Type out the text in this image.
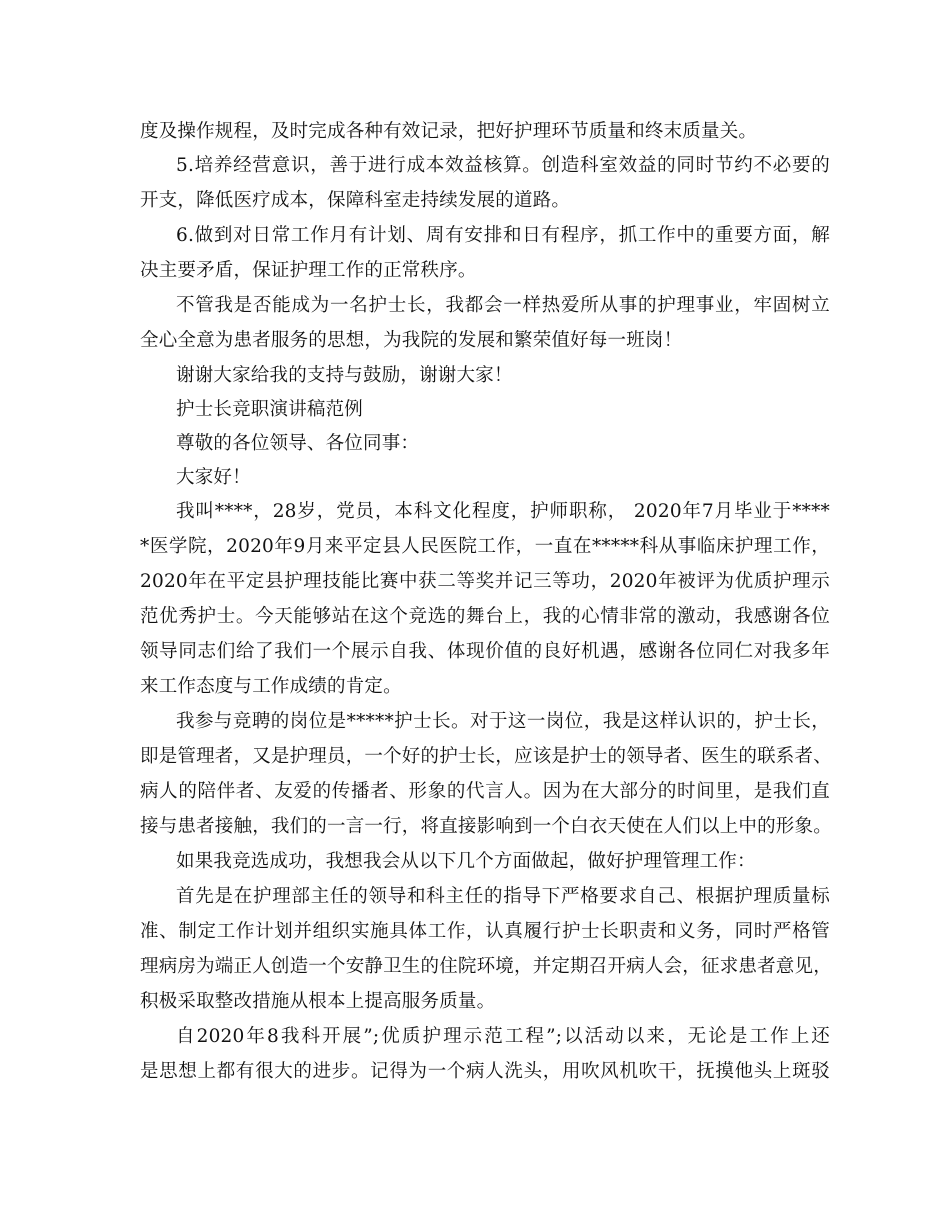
度及操作规程，及时完成各种有效记录，把好护理环节质量和终末质量关。
5.培养经营意识，善于进行成本效益核算。创造科室效益的同时节约不必要的
开支，降低医疗成本，保障科室走持续发展的道路。
6.做到对日常工作月有计划、周有安排和日有程序，抓工作中的重要方面，解
决主要矛盾，保证护理工作的正常秩序。
不管我是否能成为一名护士长，我都会一样热爱所从事的护理事业，牢固树立
全心全意为患者服务的思想，为我院的发展和繁荣值好每一班岗！
谢谢大家给我的支持与鼓励，谢谢大家！
护士长竞职演讲稿范例
尊敬的各位领导、各位同事：
大家好！
我叫****，28岁，党员，本科文化程度，护师职称， 2020年7月毕业于****
*医学院，2020年9月来平定县人民医院工作，一直在*****科从事临床护理工作，
2020年在平定县护理技能比赛中获二等奖并记三等功，2020年被评为优质护理示
范优秀护士。今天能够站在这个竞选的舞台上，我的心情非常的激动，我感谢各位
领导同志们给了我们一个展示自我、体现价值的良好机遇，感谢各位同仁对我多年
来工作态度与工作成绩的肯定。
我参与竞聘的岗位是*****护士长。对于这一岗位，我是这样认识的，护士长，
即是管理者，又是护理员，一个好的护士长，应该是护士的领导者、医生的联系者、
病人的陪伴者、友爱的传播者、形象的代言人。因为在大部分的时间里，是我们直
接与患者接触，我们的一言一行，将直接影响到一个白衣天使在人们以上中的形象。
如果我竞选成功，我想我会从以下几个方面做起，做好护理管理工作：
首先是在护理部主任的领导和科主任的指导下严格要求自己、根据护理质量标
准、制定工作计划并组织实施具体工作，认真履行护士长职责和义务，同时严格管
理病房为端正人创造一个安静卫生的住院环境，并定期召开病人会，征求患者意见，
积极采取整改措施从根本上提高服务质量。
自2020年8我科开展”;优质护理示范工程”;以活动以来，无论是工作上还
是思想上都有很大的进步。记得为一个病人洗头，用吹风机吹干，抚摸他头上斑驳
